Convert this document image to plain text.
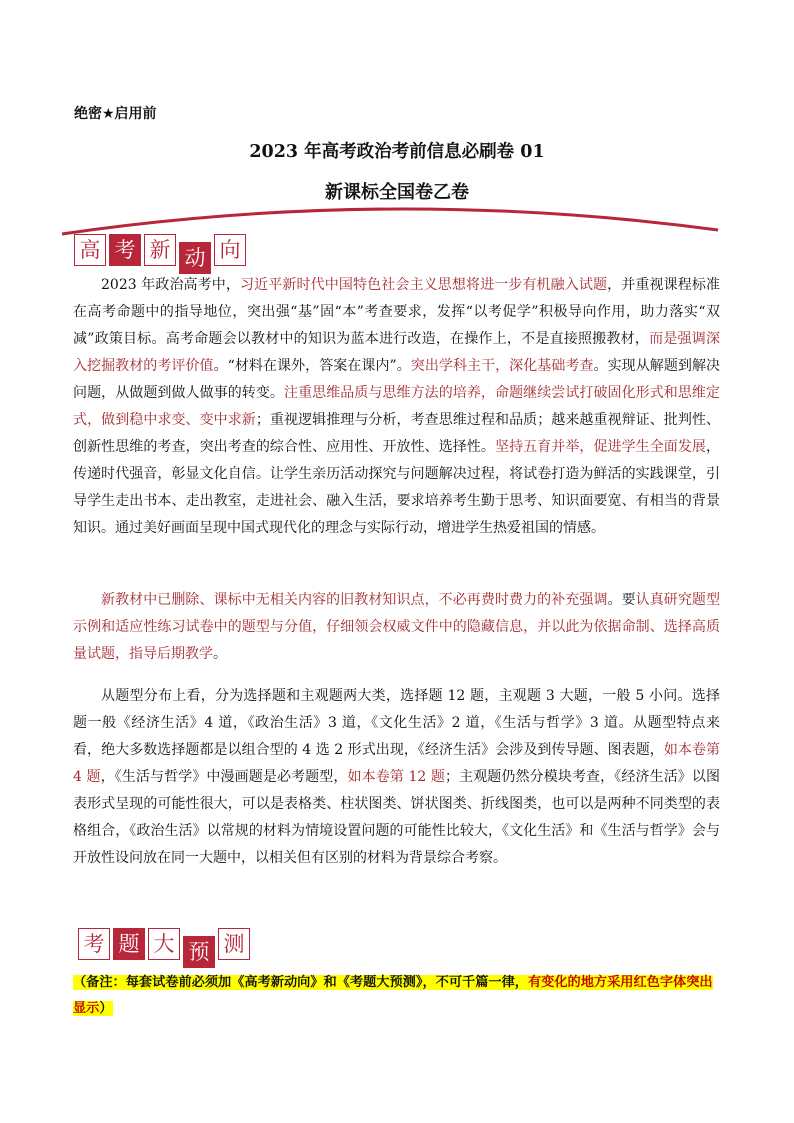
绝密★启用前
2023 年高考政治考前信息必刷卷 01
新课标全国卷乙卷
高 考 新 动 向
2023 年政治高考中，习近平新时代中国特色社会主义思想将进一步有机融入试题，并重视课程标准在高考命题中的指导地位，突出强“基”固“本”考查要求，发挥“以考促学”积极导向作用，助力落实“双减”政策目标。高考命题会以教材中的知识为蓝本进行改造，在操作上，不是直接照搬教材，而是强调深入挖掘教材的考评价值。“材料在课外，答案在课内”。突出学科主干，深化基础考查。实现从解题到解决问题，从做题到做人做事的转变。注重思维品质与思维方法的培养，命题继续尝试打破固化形式和思维定式，做到稳中求变、变中求新；重视逻辑推理与分析，考查思维过程和品质；越来越重视辩证、批判性、创新性思维的考查，突出考查的综合性、应用性、开放性、选择性。坚持五育并举，促进学生全面发展，传递时代强音，彰显文化自信。让学生亲历活动探究与问题解决过程，将试卷打造为鲜活的实践课堂，引导学生走出书本、走出教室，走进社会、融入生活，要求培养考生勤于思考、知识面要宽、有相当的背景知识。通过美好画面呈现中国式现代化的理念与实际行动，增进学生热爱祖国的情感。
新教材中已删除、课标中无相关内容的旧教材知识点，不必再费时费力的补充强调。要认真研究题型示例和适应性练习试卷中的题型与分值，仔细领会权威文件中的隐藏信息，并以此为依据命制、选择高质量试题，指导后期教学。
从题型分布上看，分为选择题和主观题两大类，选择题 12 题，主观题 3 大题，一般 5 小问。选择题一般《经济生活》4 道，《政治生活》3 道，《文化生活》2 道，《生活与哲学》3 道。从题型特点来看，绝大多数选择题都是以组合型的 4 选 2 形式出现，《经济生活》会涉及到传导题、图表题，如本卷第 4 题，《生活与哲学》中漫画题是必考题型，如本卷第 12 题；主观题仍然分模块考查，《经济生活》以图表形式呈现的可能性很大，可以是表格类、柱状图类、饼状图类、折线图类，也可以是两种不同类型的表格组合，《政治生活》以常规的材料为情境设置问题的可能性比较大，《文化生活》和《生活与哲学》会与开放性设问放在同一大题中，以相关但有区别的材料为背景综合考察。
考 题 大 预 测
（备注：每套试卷前必须加《高考新动向》和《考题大预测》，不可千篇一律，有变化的地方采用红色字体突出显示）
